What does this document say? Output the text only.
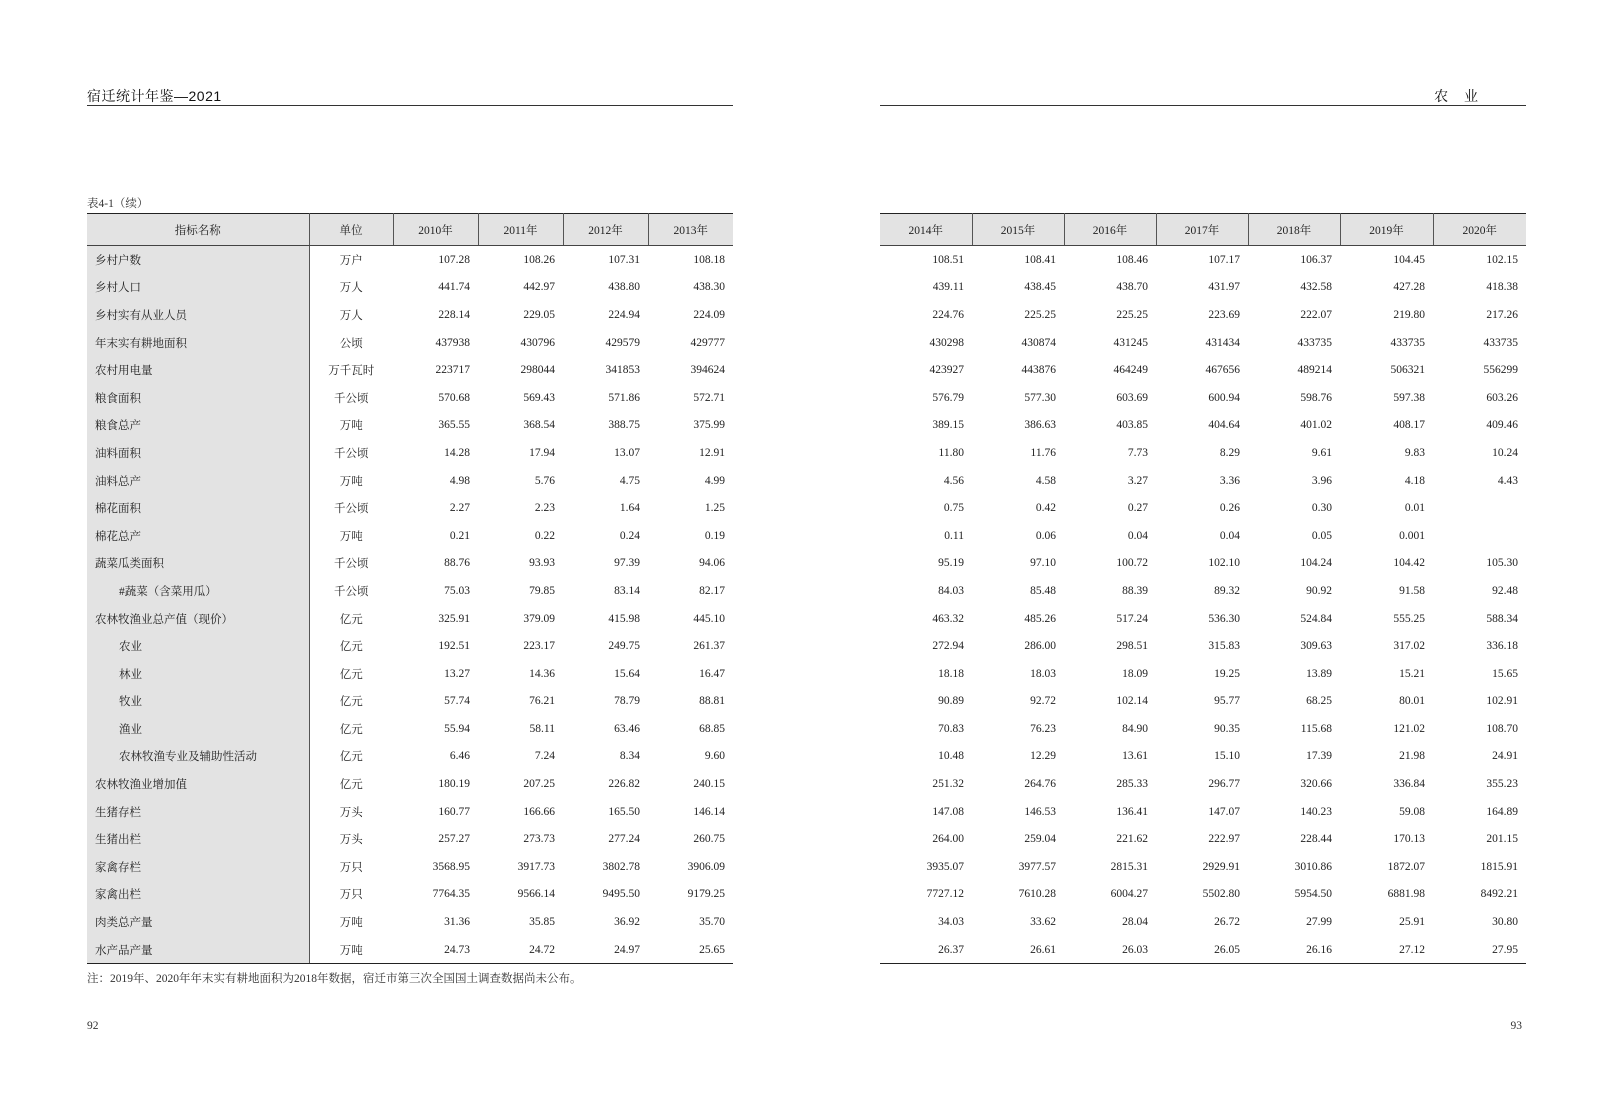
宿迁统计年鉴—2021
表4-1（续）
指标名称	单位	2010年	2011年	2012年	2013年
乡村户数	万户	107.28	108.26	107.31	108.18
乡村人口	万人	441.74	442.97	438.80	438.30
乡村实有从业人员	万人	228.14	229.05	224.94	224.09
年末实有耕地面积	公顷	437938	430796	429579	429777
农村用电量	万千瓦时	223717	298044	341853	394624
粮食面积	千公顷	570.68	569.43	571.86	572.71
粮食总产	万吨	365.55	368.54	388.75	375.99
油料面积	千公顷	14.28	17.94	13.07	12.91
油料总产	万吨	4.98	5.76	4.75	4.99
棉花面积	千公顷	2.27	2.23	1.64	1.25
棉花总产	万吨	0.21	0.22	0.24	0.19
蔬菜瓜类面积	千公顷	88.76	93.93	97.39	94.06
#蔬菜（含菜用瓜）	千公顷	75.03	79.85	83.14	82.17
农林牧渔业总产值（现价）	亿元	325.91	379.09	415.98	445.10
农业	亿元	192.51	223.17	249.75	261.37
林业	亿元	13.27	14.36	15.64	16.47
牧业	亿元	57.74	76.21	78.79	88.81
渔业	亿元	55.94	58.11	63.46	68.85
农林牧渔专业及辅助性活动	亿元	6.46	7.24	8.34	9.60
农林牧渔业增加值	亿元	180.19	207.25	226.82	240.15
生猪存栏	万头	160.77	166.66	165.50	146.14
生猪出栏	万头	257.27	273.73	277.24	260.75
家禽存栏	万只	3568.95	3917.73	3802.78	3906.09
家禽出栏	万只	7764.35	9566.14	9495.50	9179.25
肉类总产量	万吨	31.36	35.85	36.92	35.70
水产品产量	万吨	24.73	24.72	24.97	25.65
注：2019年、2020年年末实有耕地面积为2018年数据，宿迁市第三次全国国土调查数据尚未公布。
92
农 业
2014年	2015年	2016年	2017年	2018年	2019年	2020年
108.51	108.41	108.46	107.17	106.37	104.45	102.15
439.11	438.45	438.70	431.97	432.58	427.28	418.38
224.76	225.25	225.25	223.69	222.07	219.80	217.26
430298	430874	431245	431434	433735	433735	433735
423927	443876	464249	467656	489214	506321	556299
576.79	577.30	603.69	600.94	598.76	597.38	603.26
389.15	386.63	403.85	404.64	401.02	408.17	409.46
11.80	11.76	7.73	8.29	9.61	9.83	10.24
4.56	4.58	3.27	3.36	3.96	4.18	4.43
0.75	0.42	0.27	0.26	0.30	0.01	
0.11	0.06	0.04	0.04	0.05	0.001	
95.19	97.10	100.72	102.10	104.24	104.42	105.30
84.03	85.48	88.39	89.32	90.92	91.58	92.48
463.32	485.26	517.24	536.30	524.84	555.25	588.34
272.94	286.00	298.51	315.83	309.63	317.02	336.18
18.18	18.03	18.09	19.25	13.89	15.21	15.65
90.89	92.72	102.14	95.77	68.25	80.01	102.91
70.83	76.23	84.90	90.35	115.68	121.02	108.70
10.48	12.29	13.61	15.10	17.39	21.98	24.91
251.32	264.76	285.33	296.77	320.66	336.84	355.23
147.08	146.53	136.41	147.07	140.23	59.08	164.89
264.00	259.04	221.62	222.97	228.44	170.13	201.15
3935.07	3977.57	2815.31	2929.91	3010.86	1872.07	1815.91
7727.12	7610.28	6004.27	5502.80	5954.50	6881.98	8492.21
34.03	33.62	28.04	26.72	27.99	25.91	30.80
26.37	26.61	26.03	26.05	26.16	27.12	27.95
93
